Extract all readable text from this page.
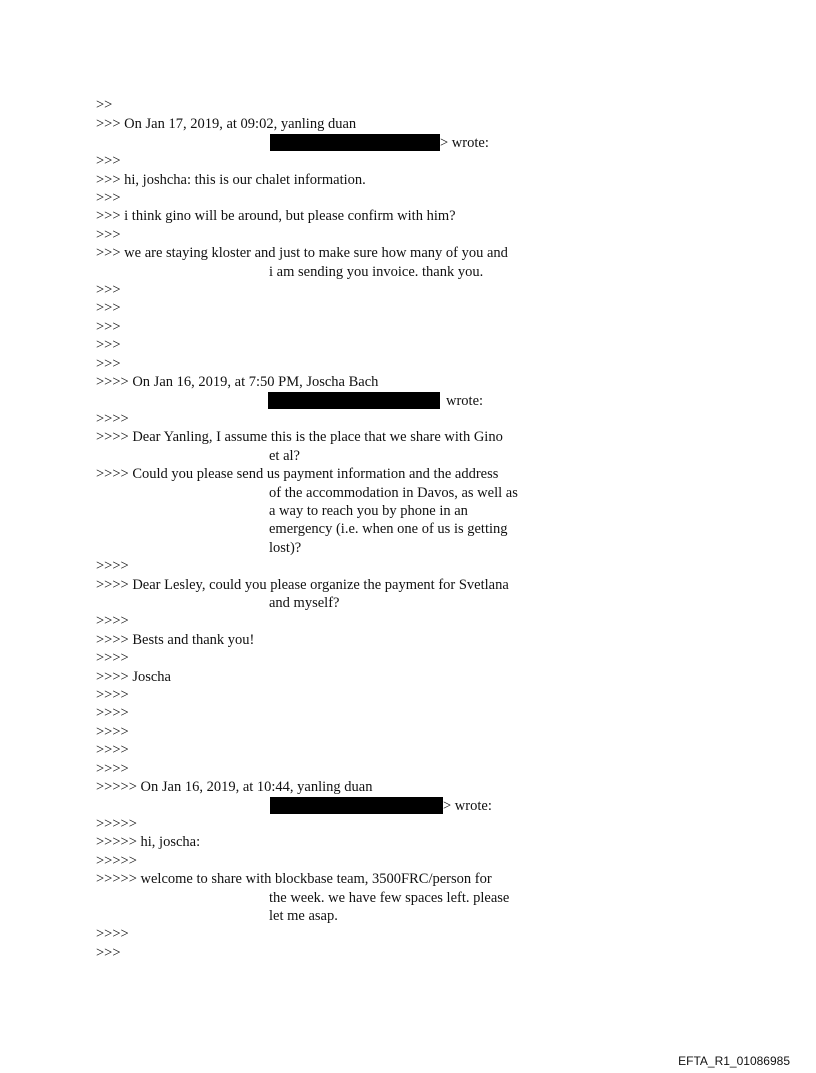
>>
>>> On Jan 17, 2019, at 09:02, yanling duan
> wrote:
>>>
>>> hi, joshcha: this is our chalet information.
>>>
>>> i think gino will be around, but please confirm with him?
>>>
>>> we are staying kloster and just to make sure how many of you and
i am sending you invoice. thank you.
>>>
>>>
>>>
>>>
>>>
>>>> On Jan 16, 2019, at 7:50 PM, Joscha Bach
wrote:
>>>>
>>>> Dear Yanling, I assume this is the place that we share with Gino
et al?
>>>> Could you please send us payment information and the address
of the accommodation in Davos, as well as
a way to reach you by phone in an
emergency (i.e. when one of us is getting
lost)?
>>>>
>>>> Dear Lesley, could you please organize the payment for Svetlana
and myself?
>>>>
>>>> Bests and thank you!
>>>>
>>>> Joscha
>>>>
>>>>
>>>>
>>>>
>>>>
>>>>> On Jan 16, 2019, at 10:44, yanling duan
> wrote:
>>>>>
>>>>> hi, joscha:
>>>>>
>>>>> welcome to share with blockbase team, 3500FRC/person for
the week. we have few spaces left. please
let me asap.
>>>>
>>>
EFTA_R1_01086985
